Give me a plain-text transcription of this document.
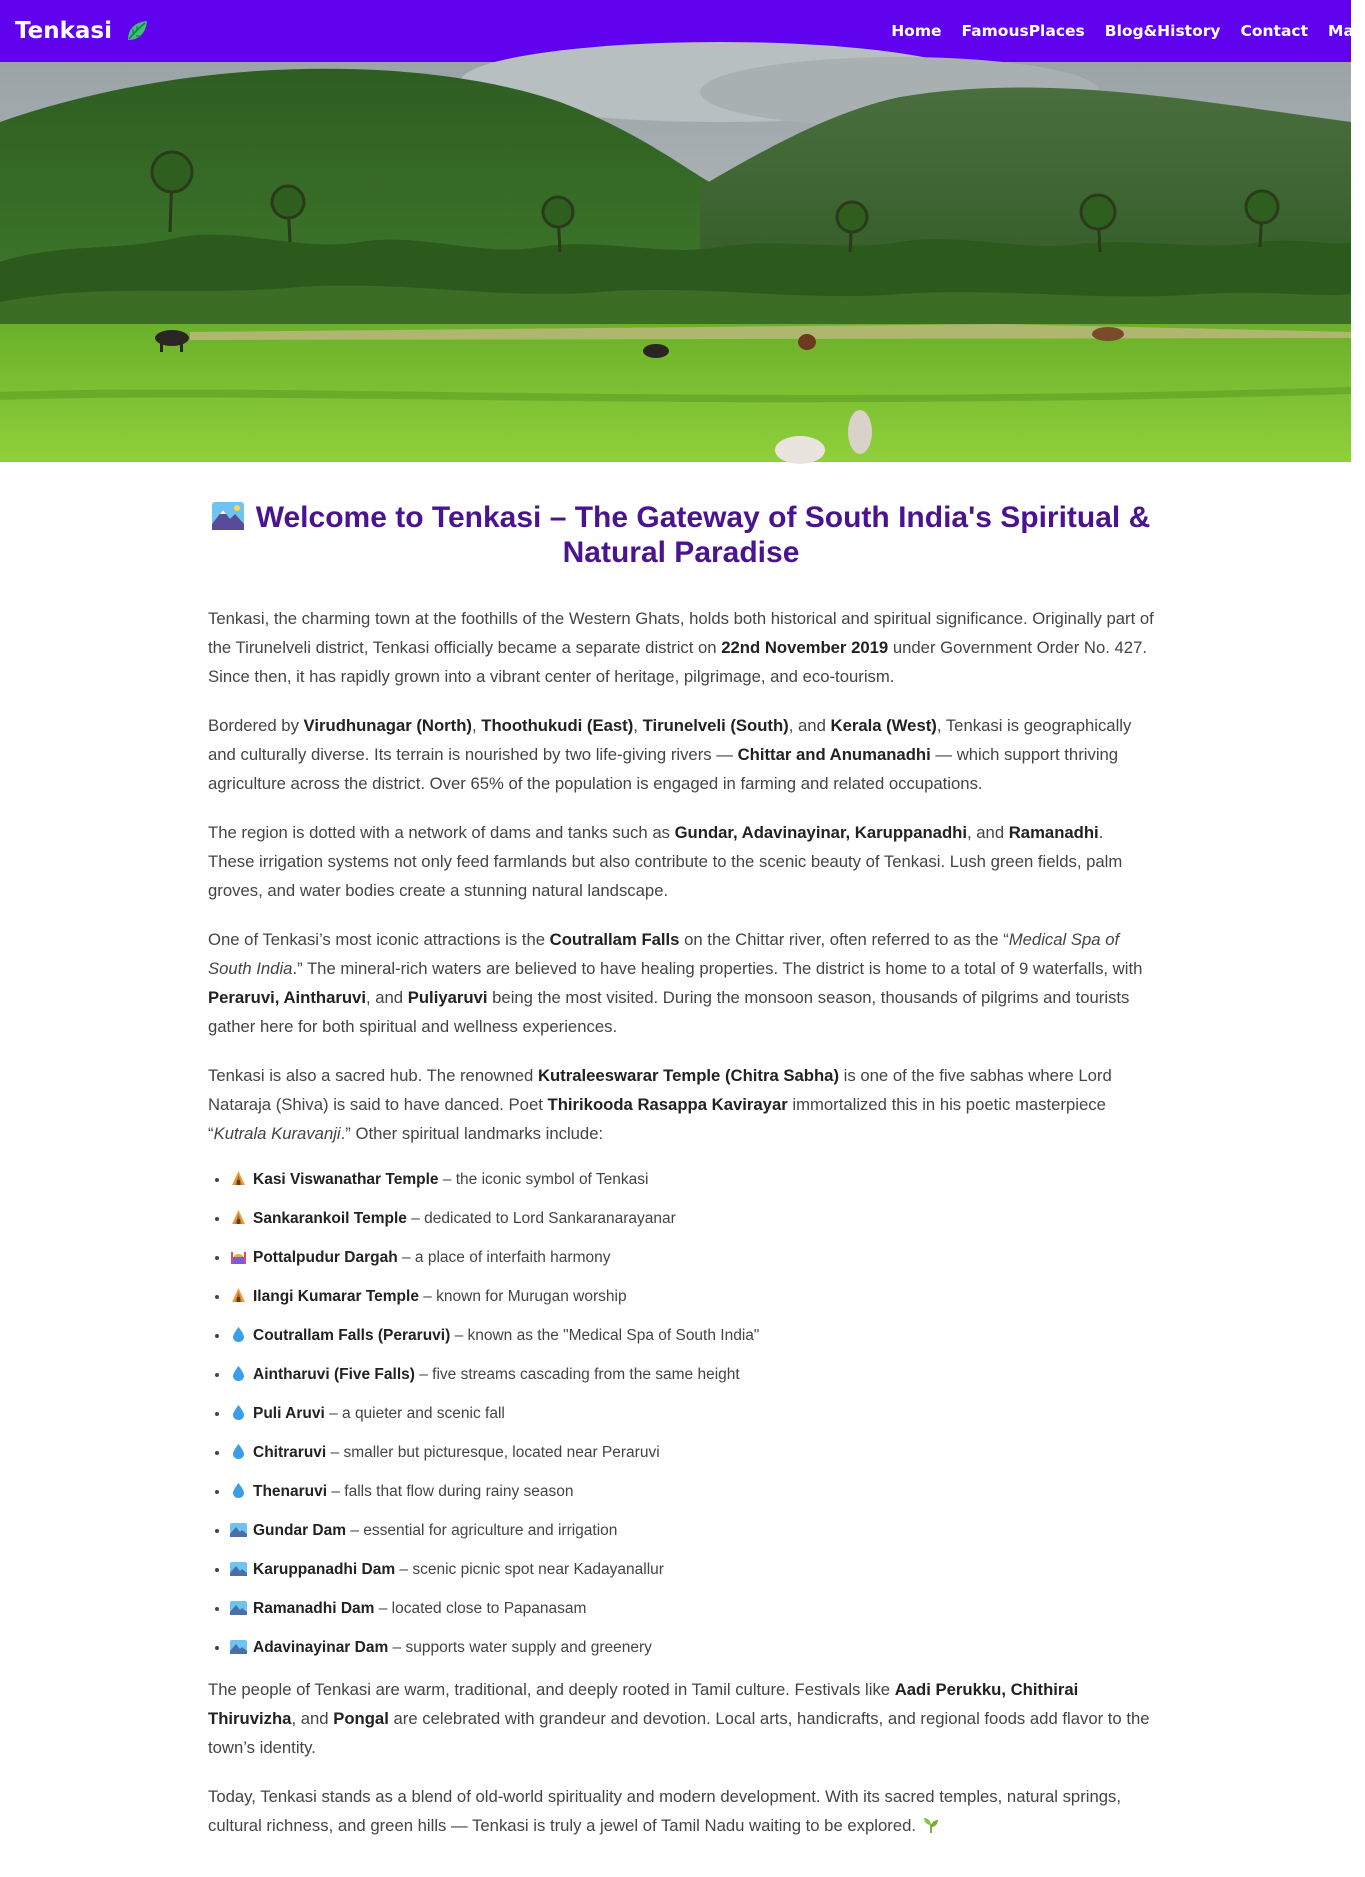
Tenkasi	Home FamousPlaces Blog&History Contact Map
Welcome to Tenkasi – The Gateway of South India's Spiritual & Natural Paradise

Tenkasi, the charming town at the foothills of the Western Ghats, holds both historical and spiritual significance. Originally part of the Tirunelveli district, Tenkasi officially became a separate district on 22nd November 2019 under Government Order No. 427. Since then, it has rapidly grown into a vibrant center of heritage, pilgrimage, and eco-tourism.

Bordered by Virudhunagar (North), Thoothukudi (East), Tirunelveli (South), and Kerala (West), Tenkasi is geographically and culturally diverse. Its terrain is nourished by two life-giving rivers — Chittar and Anumanadhi — which support thriving agriculture across the district. Over 65% of the population is engaged in farming and related occupations.

The region is dotted with a network of dams and tanks such as Gundar, Adavinayinar, Karuppanadhi, and Ramanadhi. These irrigation systems not only feed farmlands but also contribute to the scenic beauty of Tenkasi. Lush green fields, palm groves, and water bodies create a stunning natural landscape.

One of Tenkasi’s most iconic attractions is the Coutrallam Falls on the Chittar river, often referred to as the “Medical Spa of South India.” The mineral-rich waters are believed to have healing properties. The district is home to a total of 9 waterfalls, with Peraruvi, Aintharuvi, and Puliyaruvi being the most visited. During the monsoon season, thousands of pilgrims and tourists gather here for both spiritual and wellness experiences.

Tenkasi is also a sacred hub. The renowned Kutraleeswarar Temple (Chitra Sabha) is one of the five sabhas where Lord Nataraja (Shiva) is said to have danced. Poet Thirikooda Rasappa Kavirayar immortalized this in his poetic masterpiece “Kutrala Kuravanji.” Other spiritual landmarks include:

• Kasi Viswanathar Temple – the iconic symbol of Tenkasi
• Sankarankoil Temple – dedicated to Lord Sankaranarayanar
• Pottalpudur Dargah – a place of interfaith harmony
• Ilangi Kumarar Temple – known for Murugan worship
• Coutrallam Falls (Peraruvi) – known as the "Medical Spa of South India"
• Aintharuvi (Five Falls) – five streams cascading from the same height
• Puli Aruvi – a quieter and scenic fall
• Chitraruvi – smaller but picturesque, located near Peraruvi
• Thenaruvi – falls that flow during rainy season
• Gundar Dam – essential for agriculture and irrigation
• Karuppanadhi Dam – scenic picnic spot near Kadayanallur
• Ramanadhi Dam – located close to Papanasam
• Adavinayinar Dam – supports water supply and greenery

The people of Tenkasi are warm, traditional, and deeply rooted in Tamil culture. Festivals like Aadi Perukku, Chithirai Thiruvizha, and Pongal are celebrated with grandeur and devotion. Local arts, handicrafts, and regional foods add flavor to the town’s identity.

Today, Tenkasi stands as a blend of old-world spirituality and modern development. With its sacred temples, natural springs, cultural richness, and green hills — Tenkasi is truly a jewel of Tamil Nadu waiting to be explored.
